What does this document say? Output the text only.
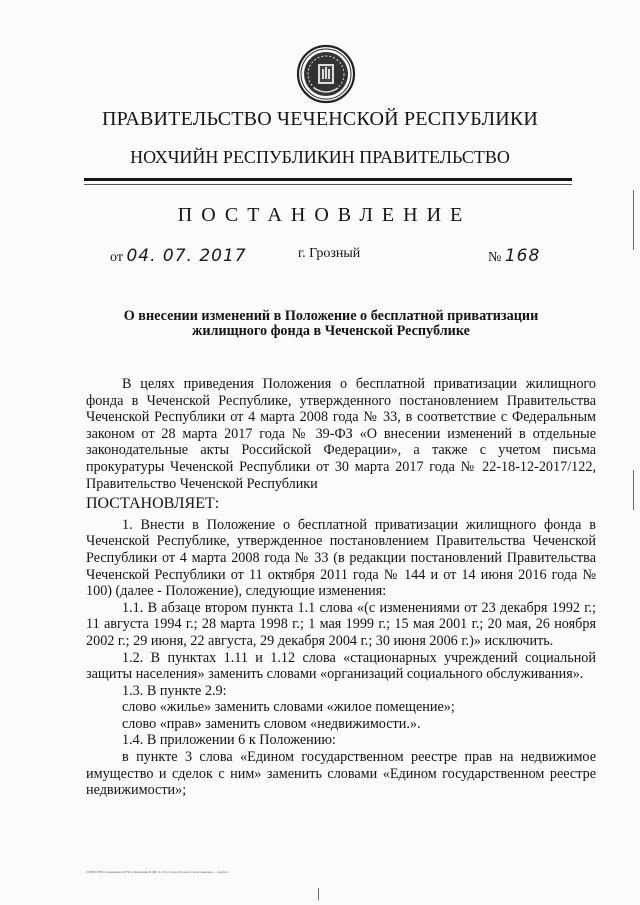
ПРАВИТЕЛЬСТВО ЧЕЧЕНСКОЙ РЕСПУБЛИКИ
НОХЧИЙН РЕСПУБЛИКИН ПРАВИТЕЛЬСТВО
ПОСТАНОВЛЕНИЕ
от 04. 07. 2017	г. Грозный	№ 168
О внесении изменений в Положение о бесплатной приватизации
жилищного фонда в Чеченской Республике

В целях приведения Положения о бесплатной приватизации жилищного фонда в Чеченской Республике, утвержденного постановлением Правительства Чеченской Республики от 4 марта 2008 года № 33, в соответствие с Федеральным законом от 28 марта 2017 года № 39-ФЗ «О внесении изменений в отдельные законодательные акты Российской Федерации», а также с учетом письма прокуратуры Чеченской Республики от 30 марта 2017 года № 22-18-12-2017/122, Правительство Чеченской Республики

ПОСТАНОВЛЯЕТ:

1. Внести в Положение о бесплатной приватизации жилищного фонда в Чеченской Республике, утвержденное постановлением Правительства Чеченской Республики от 4 марта 2008 года № 33 (в редакции постановлений Правительства Чеченской Республики от 11 октября 2011 года № 144 и от 14 июня 2016 года № 100) (далее - Положение), следующие изменения:

1.1. В абзаце втором пункта 1.1 слова «(с изменениями от 23 декабря 1992 г.; 11 августа 1994 г.; 28 марта 1998 г.; 1 мая 1999 г.; 15 мая 2001 г.; 20 мая, 26 ноября 2002 г.; 29 июня, 22 августа, 29 декабря 2004 г.; 30 июня 2006 г.)» исключить.

1.2. В пунктах 1.11 и 1.12 слова «стационарных учреждений социальной защиты населения» заменить словами «организаций социального обслуживания».

1.3. В пункте 2.9:

слово «жилье» заменить словами «жилое помещение»;

слово «прав» заменить словом «недвижимости.».

1.4. В приложении 6 к Положению:

в пункте 3 слова «Едином государственном реестре прав на недвижимое имущество и сделок с ним» заменить словами «Едином государственном реестре недвижимости»;

Z:\РЕЕСТР\Постановления 2017\Постановление №168, 11-17 пост.доп к Полож.об беспл.прив.жил. — ред.docx
